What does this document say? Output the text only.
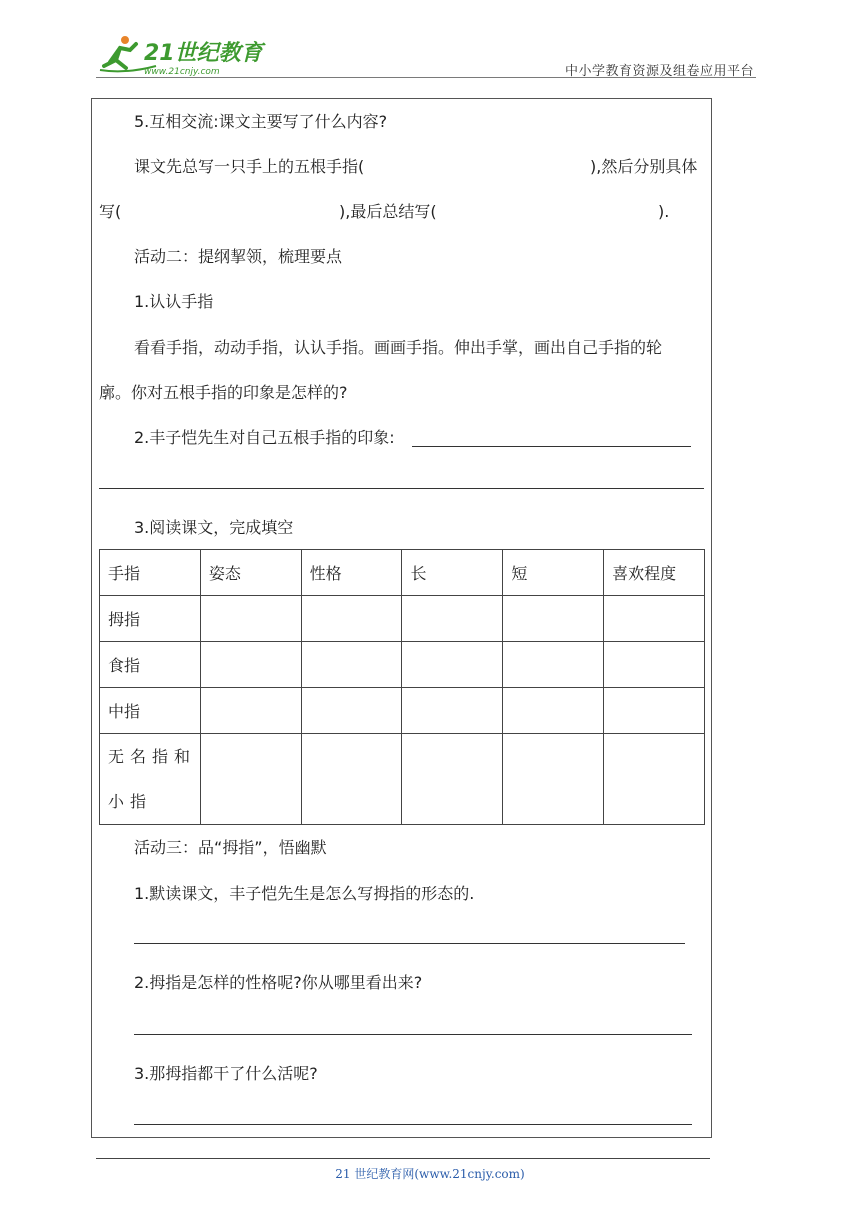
21世纪教育
www.21cnjy.com	中小学教育资源及组卷应用平台
5.互相交流:课文主要写了什么内容?
课文先总写一只手上的五根手指(	),然后分别具体
写(	),最后总结写(	).
活动二：提纲挈领，梳理要点
1.认认手指
看看手指，动动手指，认认手指。画画手指。伸出手掌，画出自己手指的轮
廓。你对五根手指的印象是怎样的?
2.丰子恺先生对自己五根手指的印象:
3.阅读课文，完成填空
手指	姿态	性格	长	短	喜欢程度
拇指					
食指					
中指					
无名指和
小指					
活动三：品“拇指”，悟幽默
1.默读课文，丰子恺先生是怎么写拇指的形态的.
2.拇指是怎样的性格呢?你从哪里看出来?
3.那拇指都干了什么活呢?
21 世纪教育网(www.21cnjy.com)
